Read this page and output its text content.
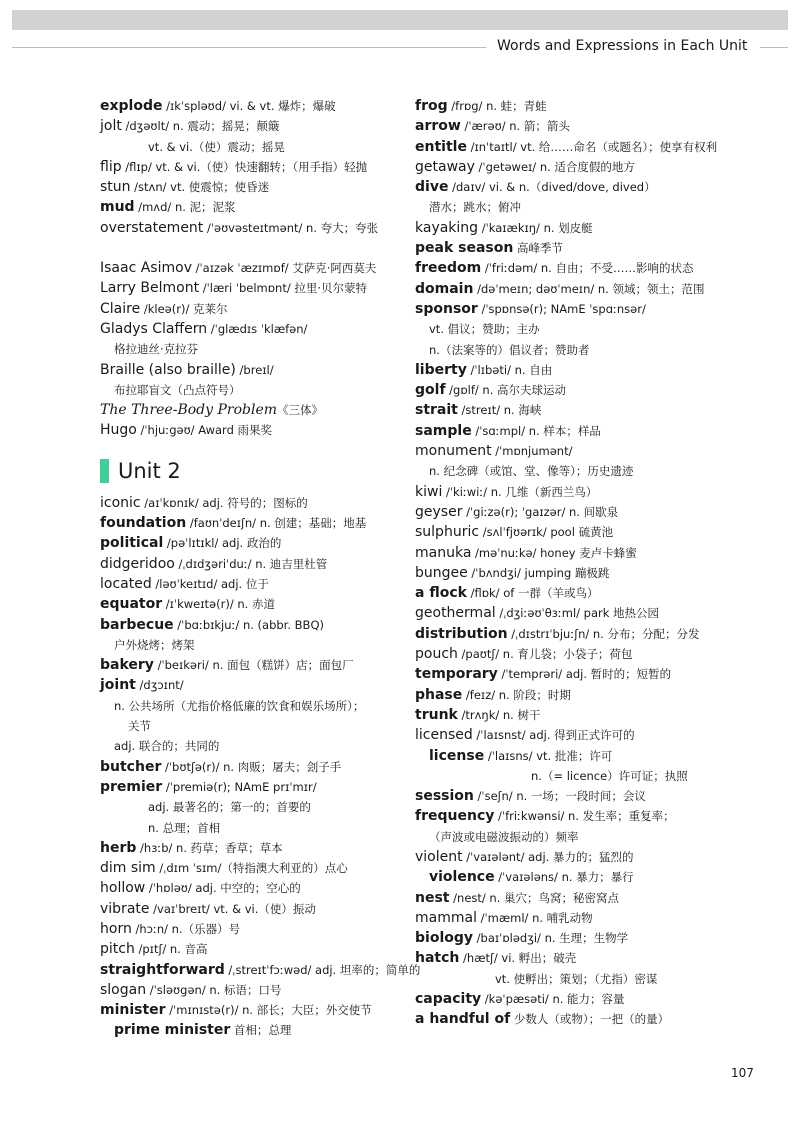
Words and Expressions in Each Unit
explode /ɪkˈspləʊd/ vi. & vt. 爆炸；爆破
jolt /dʒəʊlt/ n. 震动；摇晃；颠簸
vt. & vi.（使）震动；摇晃
flip /flɪp/ vt. & vi.（使）快速翻转；（用手指）轻抛
stun /stʌn/ vt. 使震惊；使昏迷
mud /mʌd/ n. 泥；泥浆
overstatement /ˈəʊvəsteɪtmənt/ n. 夸大；夸张
Isaac Asimov /ˈaɪzək ˈæzɪmɒf/ 艾萨克·阿西莫夫
Larry Belmont /ˈlæri ˈbelmɒnt/ 拉里·贝尔蒙特
Claire /kleə(r)/ 克莱尔
Gladys Claffern /ˈglædɪs ˈklæfən/
格拉迪丝·克拉芬
Braille (also braille) /breɪl/
布拉耶盲文（凸点符号）
The Three-Body Problem《三体》
Hugo /ˈhjuːgəʊ/ Award 雨果奖
Unit 2
iconic /aɪˈkɒnɪk/ adj. 符号的；图标的
foundation /faʊnˈdeɪʃn/ n. 创建；基础；地基
political /pəˈlɪtɪkl/ adj. 政治的
didgeridoo /ˌdɪdʒəriˈduː/ n. 迪吉里杜管
located /ləʊˈkeɪtɪd/ adj. 位于
equator /ɪˈkweɪtə(r)/ n. 赤道
barbecue /ˈbɑːbɪkjuː/ n. (abbr. BBQ)
户外烧烤；烤架
bakery /ˈbeɪkəri/ n. 面包（糕饼）店；面包厂
joint /dʒɔɪnt/
n. 公共场所（尤指价格低廉的饮食和娱乐场所）；
关节
adj. 联合的；共同的
butcher /ˈbʊtʃə(r)/ n. 肉贩；屠夫；刽子手
premier /ˈpremiə(r); NAmE prɪˈmɪr/
adj. 最著名的；第一的；首要的
n. 总理；首相
herb /hɜːb/ n. 药草；香草；草本
dim sim /ˌdɪm ˈsɪm/（特指澳大利亚的）点心
hollow /ˈhɒləʊ/ adj. 中空的；空心的
vibrate /vaɪˈbreɪt/ vt. & vi.（使）振动
horn /hɔːn/ n.（乐器）号
pitch /pɪtʃ/ n. 音高
straightforward /ˌstreɪtˈfɔːwəd/ adj. 坦率的；简单的
slogan /ˈsləʊgən/ n. 标语；口号
minister /ˈmɪnɪstə(r)/ n. 部长；大臣；外交使节
prime minister 首相；总理
frog /frɒg/ n. 蛙；青蛙
arrow /ˈærəʊ/ n. 箭；箭头
entitle /ɪnˈtaɪtl/ vt. 给……命名（或题名）；使享有权利
getaway /ˈgetəweɪ/ n. 适合度假的地方
dive /daɪv/ vi. & n.（dived/dove, dived）
潜水；跳水；俯冲
kayaking /ˈkaɪækɪŋ/ n. 划皮艇
peak season 高峰季节
freedom /ˈfriːdəm/ n. 自由；不受……影响的状态
domain /dəˈmeɪn; dəʊˈmeɪn/ n. 领域；领土；范围
sponsor /ˈspɒnsə(r); NAmE ˈspɑːnsər/
vt. 倡议；赞助；主办
n.（法案等的）倡议者；赞助者
liberty /ˈlɪbəti/ n. 自由
golf /gɒlf/ n. 高尔夫球运动
strait /streɪt/ n. 海峡
sample /ˈsɑːmpl/ n. 样本；样品
monument /ˈmɒnjumənt/
n. 纪念碑（或馆、堂、像等）；历史遗迹
kiwi /ˈkiːwiː/ n. 几维（新西兰鸟）
geyser /ˈgiːzə(r); ˈgaɪzər/ n. 间歇泉
sulphuric /sʌlˈfjʊərɪk/ pool 硫黄池
manuka /məˈnuːkə/ honey 麦卢卡蜂蜜
bungee /ˈbʌndʒi/ jumping 蹦极跳
a flock /flɒk/ of 一群（羊或鸟）
geothermal /ˌdʒiːəʊˈθɜːml/ park 地热公园
distribution /ˌdɪstrɪˈbjuːʃn/ n. 分布；分配；分发
pouch /paʊtʃ/ n. 育儿袋；小袋子；荷包
temporary /ˈtemprəri/ adj. 暂时的；短暂的
phase /feɪz/ n. 阶段；时期
trunk /trʌŋk/ n. 树干
licensed /ˈlaɪsnst/ adj. 得到正式许可的
license /ˈlaɪsns/ vt. 批准；许可
n.（= licence）许可证；执照
session /ˈseʃn/ n. 一场；一段时间；会议
frequency /ˈfriːkwənsi/ n. 发生率；重复率；
（声波或电磁波振动的）频率
violent /ˈvaɪələnt/ adj. 暴力的；猛烈的
violence /ˈvaɪələns/ n. 暴力；暴行
nest /nest/ n. 巢穴；鸟窝；秘密窝点
mammal /ˈmæml/ n. 哺乳动物
biology /baɪˈɒlədʒi/ n. 生理；生物学
hatch /hætʃ/ vi. 孵出；破壳
vt. 使孵出；策划；（尤指）密谋
capacity /kəˈpæsəti/ n. 能力；容量
a handful of 少数人（或物）；一把（的量）
107
